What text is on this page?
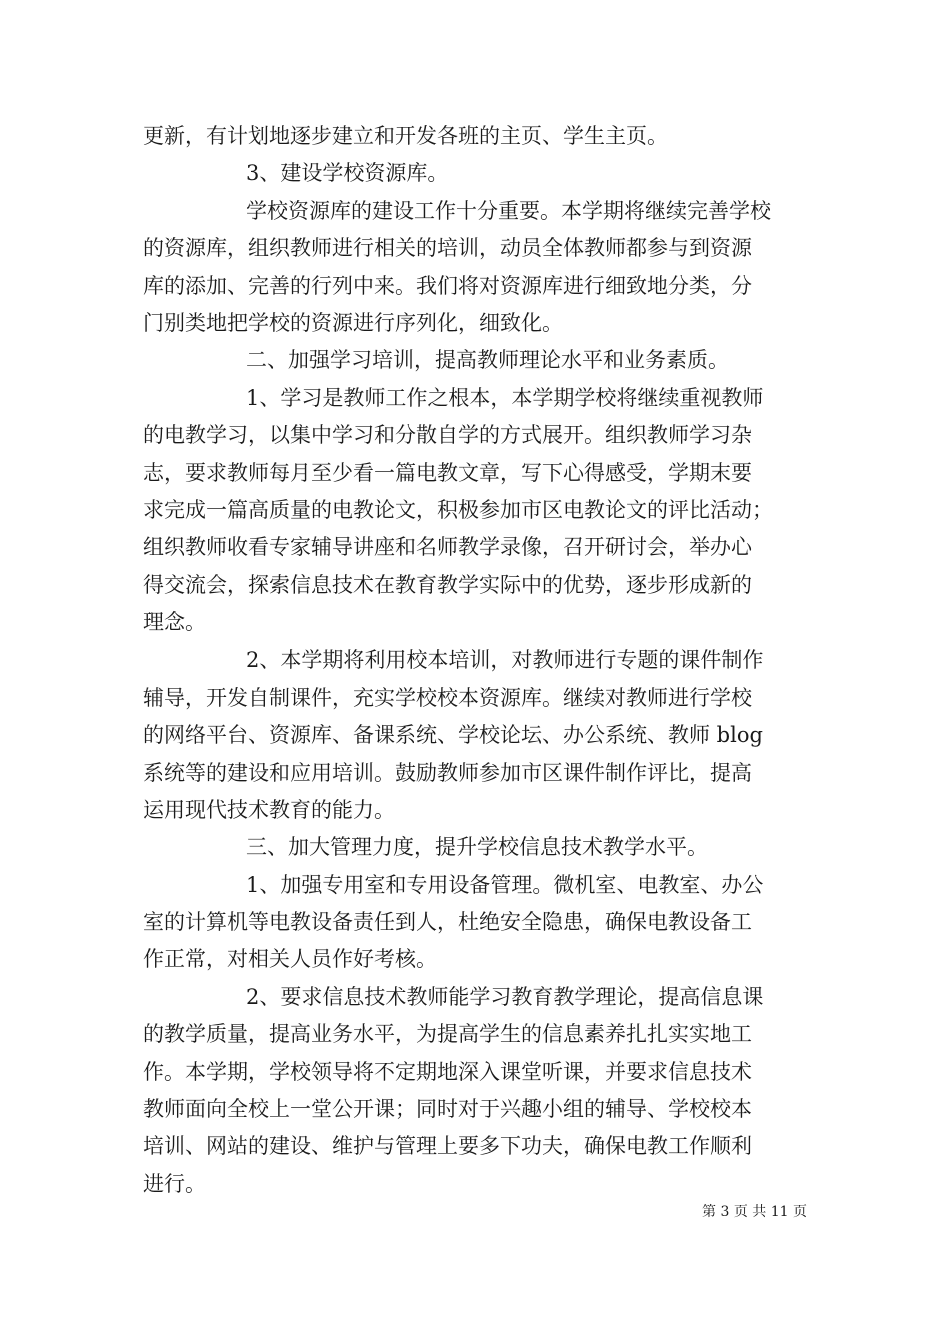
更新，有计划地逐步建立和开发各班的主页、学生主页。

3、建设学校资源库。

学校资源库的建设工作十分重要。本学期将继续完善学校

的资源库，组织教师进行相关的培训，动员全体教师都参与到资源

库的添加、完善的行列中来。我们将对资源库进行细致地分类，分

门别类地把学校的资源进行序列化，细致化。

二、加强学习培训，提高教师理论水平和业务素质。

1、学习是教师工作之根本，本学期学校将继续重视教师

的电教学习，以集中学习和分散自学的方式展开。组织教师学习杂

志，要求教师每月至少看一篇电教文章，写下心得感受，学期末要

求完成一篇高质量的电教论文，积极参加市区电教论文的评比活动；

组织教师收看专家辅导讲座和名师教学录像，召开研讨会，举办心

得交流会，探索信息技术在教育教学实际中的优势，逐步形成新的

理念。

2、本学期将利用校本培训，对教师进行专题的课件制作

辅导，开发自制课件，充实学校校本资源库。继续对教师进行学校

的网络平台、资源库、备课系统、学校论坛、办公系统、教师 blog

系统等的建设和应用培训。鼓励教师参加市区课件制作评比，提高

运用现代技术教育的能力。

三、加大管理力度，提升学校信息技术教学水平。

1、加强专用室和专用设备管理。微机室、电教室、办公

室的计算机等电教设备责任到人，杜绝安全隐患，确保电教设备工

作正常，对相关人员作好考核。

2、要求信息技术教师能学习教育教学理论，提高信息课

的教学质量，提高业务水平，为提高学生的信息素养扎扎实实地工

作。本学期，学校领导将不定期地深入课堂听课，并要求信息技术

教师面向全校上一堂公开课；同时对于兴趣小组的辅导、学校校本

培训、网站的建设、维护与管理上要多下功夫，确保电教工作顺利

进行。

第 3 页 共 11 页
